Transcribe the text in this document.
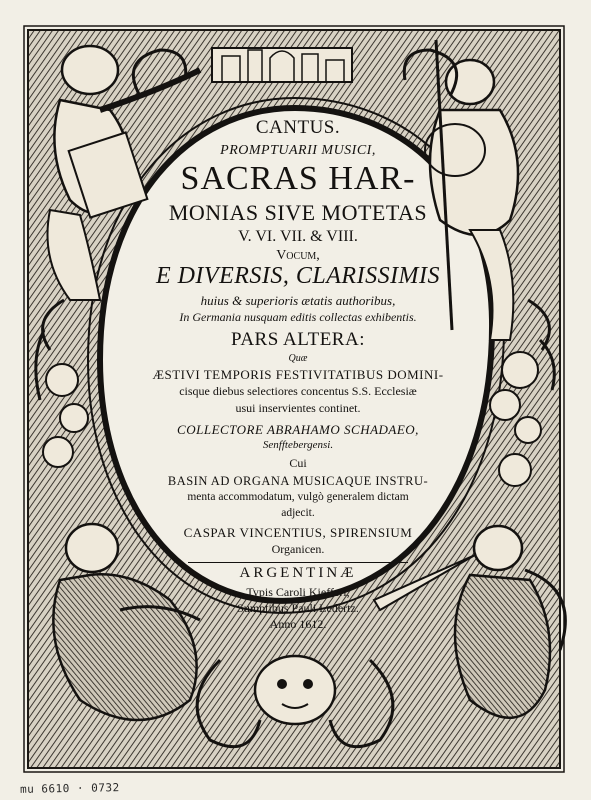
CANTUS.
PROMPTUARII MUSICI,
SACRAS HAR-
MONIAS SIVE MOTETAS
V. VI. VII. & VIII.
Vocum,
E DIVERSIS, CLARISSIMIS
huius & superioris ætatis authoribus,
In Germania nusquam editis collectas exhibentis.
PARS ALTERA:
Quæ
ÆSTIVI TEMPORIS FESTIVITATIBUS DOMINI-
cisque diebus selectiores concentus S.S. Ecclesiæ
usui inservientes continet.
COLLECTORE ABRAHAMO SCHADAEO,
Senfftebergensi.
Cui
BASIN AD ORGANA MUSICAQUE INSTRU-
menta accommodatum, vulgò generalem dictam
adjecit.
CASPAR VINCENTIUS, SPIRENSIUM
Organicen.
ARGENTINÆ
Typis Caroli Kiefferi,
Sumptibus Pauli Ledertz.
Anno 1612.
mu 6610 · 0732
